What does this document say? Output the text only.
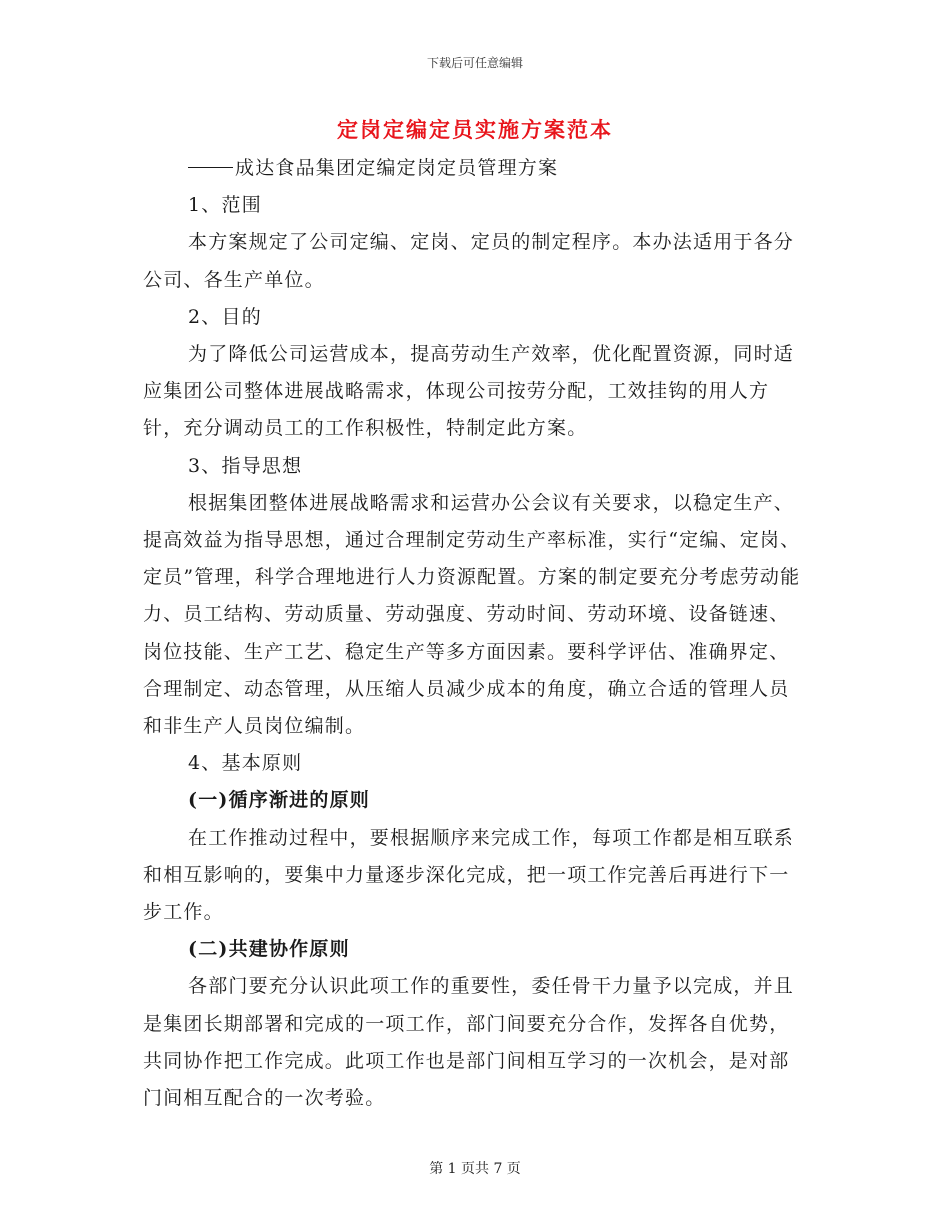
下载后可任意编辑
定岗定编定员实施方案范本

成达食品集团定编定岗定员管理方案

1、范围

本方案规定了公司定编、定岗、定员的制定程序。本办法适用于各分公司、各生产单位。

2、目的

为了降低公司运营成本，提高劳动生产效率，优化配置资源，同时适应集团公司整体进展战略需求，体现公司按劳分配，工效挂钩的用人方针，充分调动员工的工作积极性，特制定此方案。

3、指导思想

根据集团整体进展战略需求和运营办公会议有关要求，以稳定生产、提高效益为指导思想，通过合理制定劳动生产率标准，实行“定编、定岗、定员”管理，科学合理地进行人力资源配置。方案的制定要充分考虑劳动能力、员工结构、劳动质量、劳动强度、劳动时间、劳动环境、设备链速、岗位技能、生产工艺、稳定生产等多方面因素。要科学评估、准确界定、合理制定、动态管理，从压缩人员减少成本的角度，确立合适的管理人员和非生产人员岗位编制。

4、基本原则

(一)循序渐进的原则

在工作推动过程中，要根据顺序来完成工作，每项工作都是相互联系和相互影响的，要集中力量逐步深化完成，把一项工作完善后再进行下一步工作。

(二)共建协作原则

各部门要充分认识此项工作的重要性，委任骨干力量予以完成，并且是集团长期部署和完成的一项工作，部门间要充分合作，发挥各自优势，共同协作把工作完成。此项工作也是部门间相互学习的一次机会，是对部门间相互配合的一次考验。

第 1 页共 7 页
